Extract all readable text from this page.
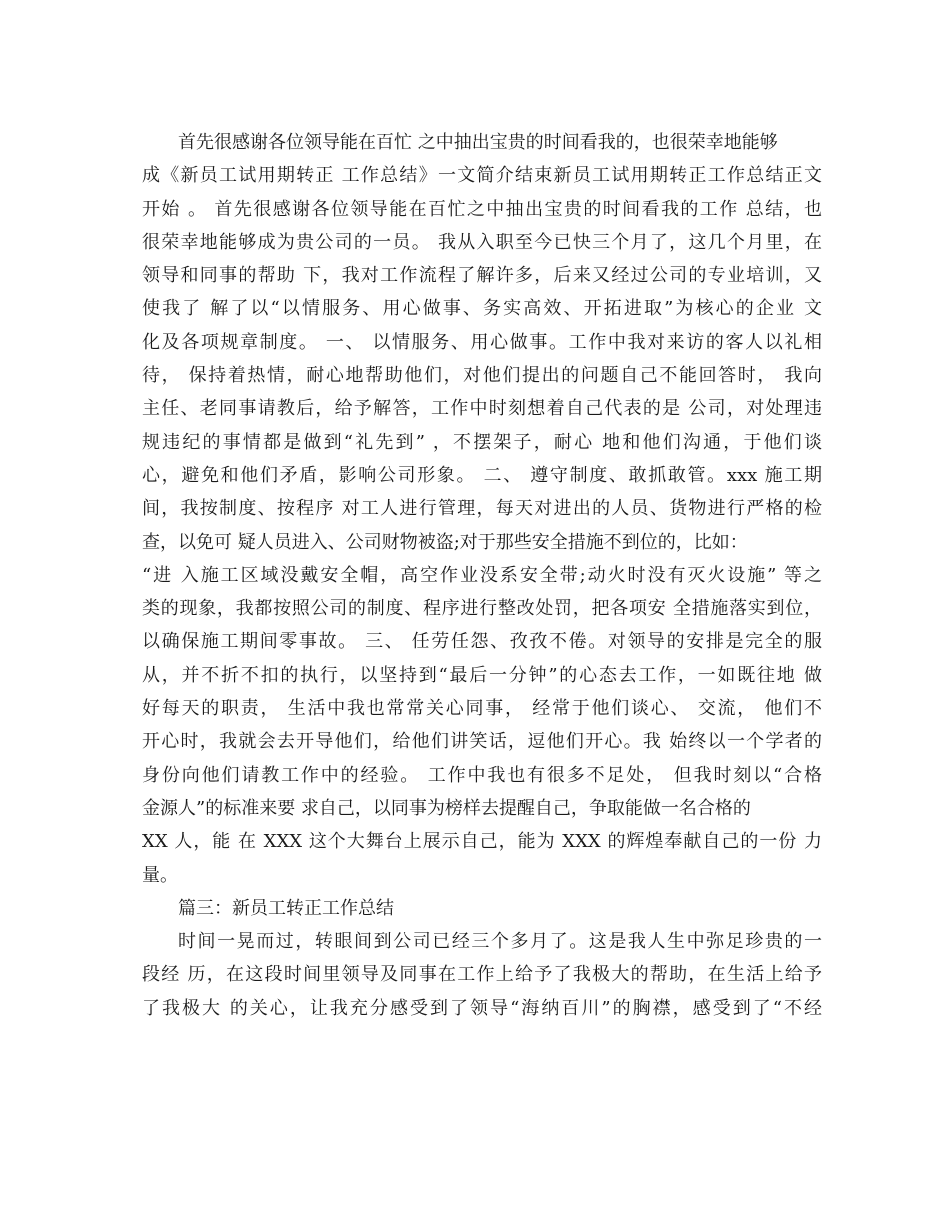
首先很感谢各位领导能在百忙 之中抽出宝贵的时间看我的，也很荣幸地能够
成《新员工试用期转正 工作总结》一文简介结束新员工试用期转正工作总结正文
开始 。 首先很感谢各位领导能在百忙之中抽出宝贵的时间看我的工作 总结，也
很荣幸地能够成为贵公司的一员。 我从入职至今已快三个月了，这几个月里，在
领导和同事的帮助 下，我对工作流程了解许多，后来又经过公司的专业培训，又
使我了 解了以“以情服务、用心做事、务实高效、开拓进取”为核心的企业 文
化及各项规章制度。 一、 以情服务、用心做事。工作中我对来访的客人以礼相
待， 保持着热情，耐心地帮助他们，对他们提出的问题自己不能回答时， 我向
主任、老同事请教后，给予解答，工作中时刻想着自己代表的是 公司，对处理违
规违纪的事情都是做到“礼先到” ，不摆架子，耐心 地和他们沟通，于他们谈
心，避免和他们矛盾，影响公司形象。 二、 遵守制度、敢抓敢管。xxx 施工期
间，我按制度、按程序 对工人进行管理，每天对进出的人员、货物进行严格的检
查，以免可 疑人员进入、公司财物被盗;对于那些安全措施不到位的，比如：
“进 入施工区域没戴安全帽，高空作业没系安全带;动火时没有灭火设施” 等之
类的现象，我都按照公司的制度、程序进行整改处罚，把各项安 全措施落实到位，
以确保施工期间零事故。 三、 任劳任怨、孜孜不倦。对领导的安排是完全的服
从，并不折不扣的执行，以坚持到“最后一分钟”的心态去工作，一如既往地 做
好每天的职责， 生活中我也常常关心同事， 经常于他们谈心、 交流， 他们不
开心时，我就会去开导他们，给他们讲笑话，逗他们开心。我 始终以一个学者的
身份向他们请教工作中的经验。 工作中我也有很多不足处， 但我时刻以“合格
金源人”的标准来要 求自己，以同事为榜样去提醒自己，争取能做一名合格的
XX 人，能 在 XXX 这个大舞台上展示自己，能为 XXX 的辉煌奉献自己的一份 力
量。
篇三：新员工转正工作总结
时间一晃而过，转眼间到公司已经三个多月了。这是我人生中弥足珍贵的一
段经 历，在这段时间里领导及同事在工作上给予了我极大的帮助，在生活上给予
了我极大 的关心，让我充分感受到了领导“海纳百川”的胸襟，感受到了“不经
